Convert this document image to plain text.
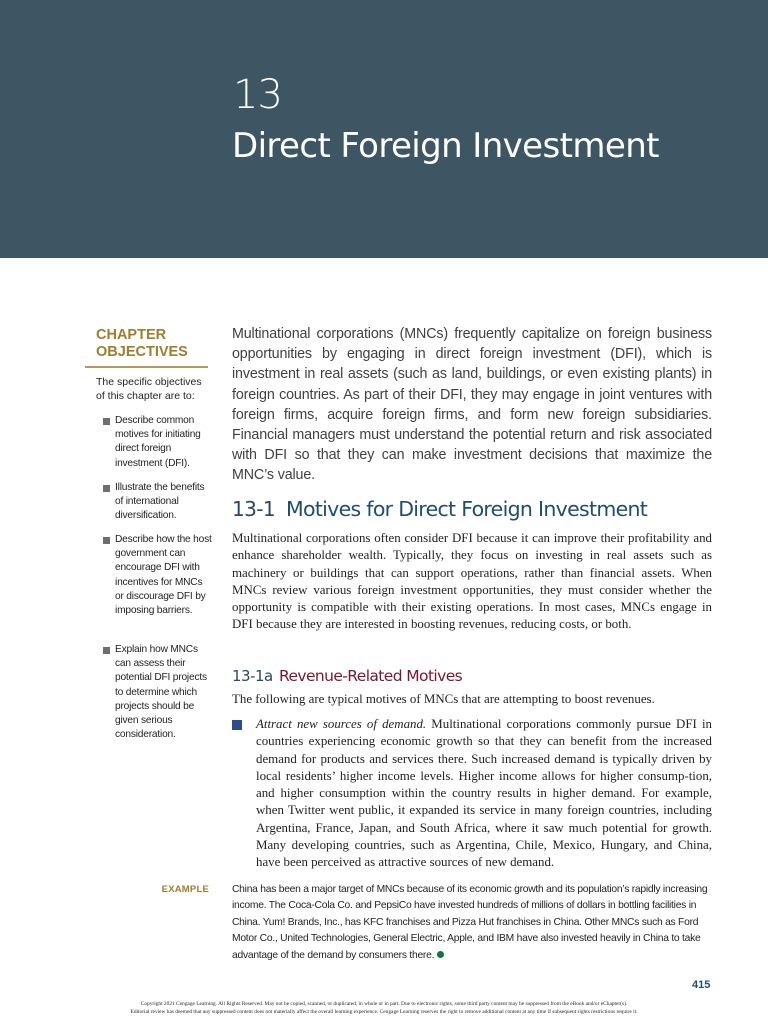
13
Direct Foreign Investment
CHAPTER
OBJECTIVES
The specific objectives of this chapter are to:
Describe common motives for initiating direct foreign investment (DFI).
Illustrate the benefits of international diversification.
Describe how the host government can encourage DFI with incentives for MNCs or discourage DFI by imposing barriers.
Explain how MNCs can assess their potential DFI projects to determine which projects should be given serious consideration.
Multinational corporations (MNCs) frequently capitalize on foreign business opportunities by engaging in direct foreign investment (DFI), which is investment in real assets (such as land, buildings, or even existing plants) in foreign countries. As part of their DFI, they may engage in joint ventures with foreign firms, acquire foreign firms, and form new foreign subsidiaries. Financial managers must understand the potential return and risk associated with DFI so that they can make investment decisions that maximize the MNC’s value.
13-1 Motives for Direct Foreign Investment
Multinational corporations often consider DFI because it can improve their profitability and enhance shareholder wealth. Typically, they focus on investing in real assets such as machinery or buildings that can support operations, rather than financial assets. When MNCs review various foreign investment opportunities, they must consider whether the opportunity is compatible with their existing operations. In most cases, MNCs engage in DFI because they are interested in boosting revenues, reducing costs, or both.
13-1a Revenue-Related Motives
The following are typical motives of MNCs that are attempting to boost revenues.
Attract new sources of demand. Multinational corporations commonly pursue DFI in countries experiencing economic growth so that they can benefit from the increased demand for products and services there. Such increased demand is typically driven by local residents’ higher income levels. Higher income allows for higher consump-tion, and higher consumption within the country results in higher demand. For example, when Twitter went public, it expanded its service in many foreign countries, including Argentina, France, Japan, and South Africa, where it saw much potential for growth. Many developing countries, such as Argentina, Chile, Mexico, Hungary, and China, have been perceived as attractive sources of new demand.
EXAMPLE China has been a major target of MNCs because of its economic growth and its population’s rapidly increasing income. The Coca-Cola Co. and PepsiCo have invested hundreds of millions of dollars in bottling facilities in China. Yum! Brands, Inc., has KFC franchises and Pizza Hut franchises in China. Other MNCs such as Ford Motor Co., United Technologies, General Electric, Apple, and IBM have also invested heavily in China to take advantage of the demand by consumers there.
415
Copyright 2021 Cengage Learning. All Rights Reserved. May not be copied, scanned, or duplicated, in whole or in part. Due to electronic rights, some third party content may be suppressed from the eBook and/or eChapter(s).
Editorial review has deemed that any suppressed content does not materially affect the overall learning experience. Cengage Learning reserves the right to remove additional content at any time if subsequent rights restrictions require it.
